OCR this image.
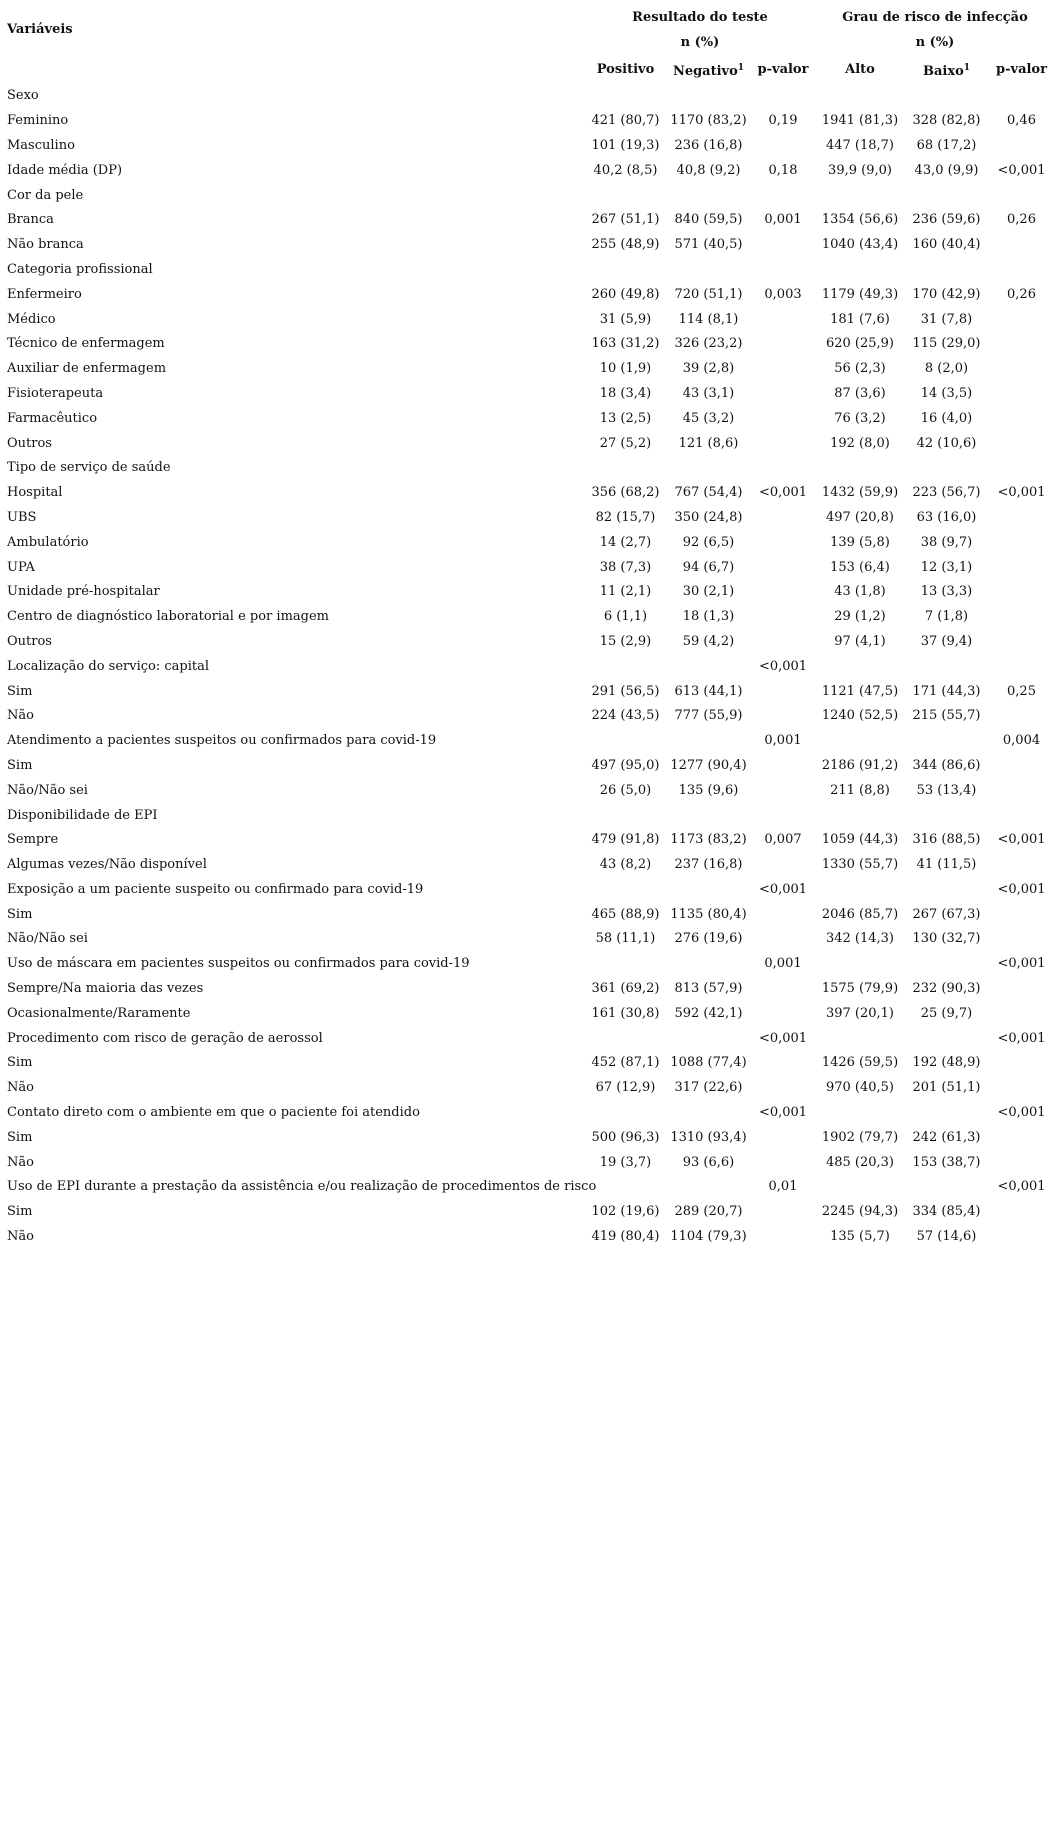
Variáveis	Resultado do teste			Grau de risco de infecção		
	n (%)			n (%)		
	Positivo	Negativo$^1$	p-valor	Alto	Baixo$^1$	p-valor
Sexo						
Feminino	421 (80,7)	1170 (83,2)	0,19	1941 (81,3)	328 (82,8)	0,46
Masculino	101 (19,3)	236 (16,8)		447 (18,7)	68 (17,2)	
Idade média (DP)	40,2 (8,5)	40,8 (9,2)	0,18	39,9 (9,0)	43,0 (9,9)	<0,001
Cor da pele						
Branca	267 (51,1)	840 (59,5)	0,001	1354 (56,6)	236 (59,6)	0,26
Não branca	255 (48,9)	571 (40,5)		1040 (43,4)	160 (40,4)	
Categoria profissional						
Enfermeiro	260 (49,8)	720 (51,1)	0,003	1179 (49,3)	170 (42,9)	0,26
Médico	31 (5,9)	114 (8,1)		181 (7,6)	31 (7,8)	
Técnico de enfermagem	163 (31,2)	326 (23,2)		620 (25,9)	115 (29,0)	
Auxiliar de enfermagem	10 (1,9)	39 (2,8)		56 (2,3)	8 (2,0)	
Fisioterapeuta	18 (3,4)	43 (3,1)		87 (3,6)	14 (3,5)	
Farmacêutico	13 (2,5)	45 (3,2)		76 (3,2)	16 (4,0)	
Outros	27 (5,2)	121 (8,6)		192 (8,0)	42 (10,6)	
Tipo de serviço de saúde						
Hospital	356 (68,2)	767 (54,4)	<0,001	1432 (59,9)	223 (56,7)	<0,001
UBS	82 (15,7)	350 (24,8)		497 (20,8)	63 (16,0)	
Ambulatório	14 (2,7)	92 (6,5)		139 (5,8)	38 (9,7)	
UPA	38 (7,3)	94 (6,7)		153 (6,4)	12 (3,1)	
Unidade pré-hospitalar	11 (2,1)	30 (2,1)		43 (1,8)	13 (3,3)	
Centro de diagnóstico laboratorial e por imagem	6 (1,1)	18 (1,3)		29 (1,2)	7 (1,8)	
Outros	15 (2,9)	59 (4,2)		97 (4,1)	37 (9,4)	
Localização do serviço: capital			<0,001			
Sim	291 (56,5)	613 (44,1)		1121 (47,5)	171 (44,3)	0,25
Não	224 (43,5)	777 (55,9)		1240 (52,5)	215 (55,7)	
Atendimento a pacientes suspeitos ou confirmados para covid-19			0,001			0,004
Sim	497 (95,0)	1277 (90,4)		2186 (91,2)	344 (86,6)	
Não/Não sei	26 (5,0)	135 (9,6)		211 (8,8)	53 (13,4)	
Disponibilidade de EPI						
Sempre	479 (91,8)	1173 (83,2)	0,007	1059 (44,3)	316 (88,5)	<0,001
Algumas vezes/Não disponível	43 (8,2)	237 (16,8)		1330 (55,7)	41 (11,5)	
Exposição a um paciente suspeito ou confirmado para covid-19			<0,001			<0,001
Sim	465 (88,9)	1135 (80,4)		2046 (85,7)	267 (67,3)	
Não/Não sei	58 (11,1)	276 (19,6)		342 (14,3)	130 (32,7)	
Uso de máscara em pacientes suspeitos ou confirmados para covid-19			0,001			<0,001
Sempre/Na maioria das vezes	361 (69,2)	813 (57,9)		1575 (79,9)	232 (90,3)	
Ocasionalmente/Raramente	161 (30,8)	592 (42,1)		397 (20,1)	25 (9,7)	
Procedimento com risco de geração de aerossol			<0,001			<0,001
Sim	452 (87,1)	1088 (77,4)		1426 (59,5)	192 (48,9)	
Não	67 (12,9)	317 (22,6)		970 (40,5)	201 (51,1)	
Contato direto com o ambiente em que o paciente foi atendido			<0,001			<0,001
Sim	500 (96,3)	1310 (93,4)		1902 (79,7)	242 (61,3)	
Não	19 (3,7)	93 (6,6)		485 (20,3)	153 (38,7)	
Uso de EPI durante a prestação da assistência e/ou realização de procedimentos de risco			0,01			<0,001
Sim	102 (19,6)	289 (20,7)		2245 (94,3)	334 (85,4)	
Não	419 (80,4)	1104 (79,3)		135 (5,7)	57 (14,6)	
